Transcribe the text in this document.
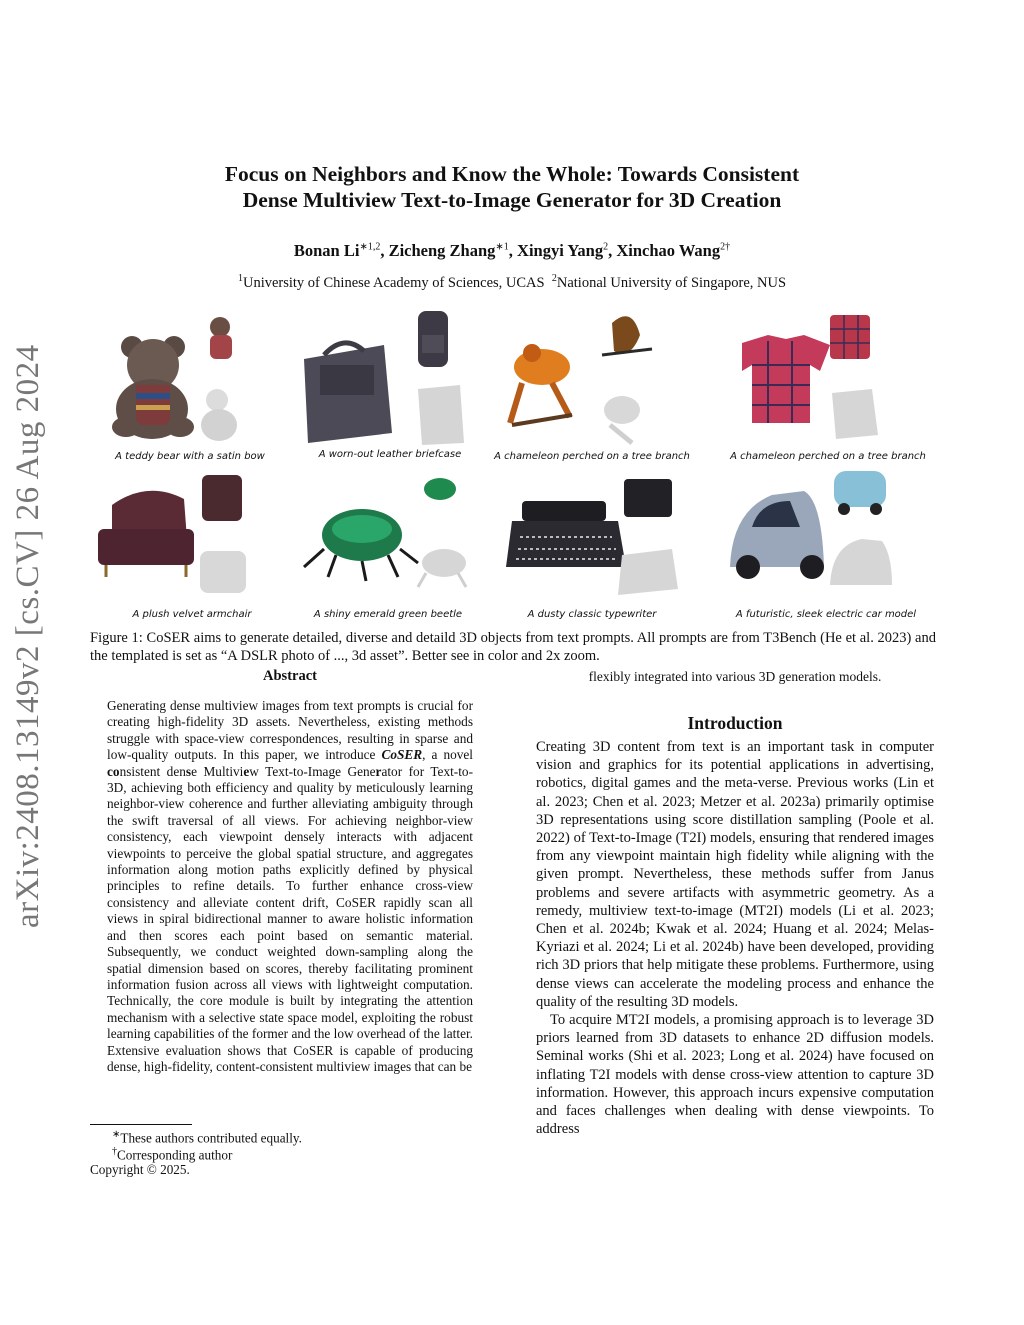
arXiv:2408.13149v2 [cs.CV] 26 Aug 2024
Focus on Neighbors and Know the Whole: Towards Consistent
Dense Multiview Text-to-Image Generator for 3D Creation
Bonan $Li^{∗1,2}$, Zicheng Zhang$^{∗1}$, Xingyi Yang$^2$, Xinchao Wang$^{2\dagger}$
$^1$University of Chinese Academy of Sciences, UCAS $^2$National University of Singapore, NUS
A teddy bear with a satin bow	A worn-out leather briefcase	A chameleon perched on a tree branch	A chameleon perched on a tree branch
A plush velvet armchair	A shiny emerald green beetle	A dusty classic typewriter	A futuristic, sleek electric car model
Figure 1: CoSER aims to generate detailed, diverse and detaild 3D objects from text prompts. All prompts are from T3Bench (He et al. 2023) and the templated is set as “A DSLR photo of ..., 3d asset”. Better see in color and 2x zoom.
Abstract
Generating dense multiview images from text prompts is crucial for creating high-fidelity 3D assets. Nevertheless, existing methods struggle with space-view correspondences, resulting in sparse and low-quality outputs. In this paper, we introduce CoSER, a novel consistent dense Multiview Text-to-Image Generator for Text-to-3D, achieving both efficiency and quality by meticulously learning neighbor-view coherence and further alleviating ambiguity through the swift traversal of all views. For achieving neighbor-view consistency, each viewpoint densely interacts with adjacent viewpoints to perceive the global spatial structure, and aggregates information along motion paths explicitly defined by physical principles to refine details. To further enhance cross-view consistency and alleviate content drift, CoSER rapidly scan all views in spiral bidirectional manner to aware holistic information and then scores each point based on semantic material. Subsequently, we conduct weighted down-sampling along the spatial dimension based on scores, thereby facilitating prominent information fusion across all views with lightweight computation. Technically, the core module is built by integrating the attention mechanism with a selective state space model, exploiting the robust learning capabilities of the former and the low overhead of the latter. Extensive evaluation shows that CoSER is capable of producing dense, high-fidelity, content-consistent multiview images that can be
flexibly integrated into various 3D generation models.
Introduction

Creating 3D content from text is an important task in computer vision and graphics for its potential applications in advertising, robotics, digital games and the meta-verse. Previous works (Lin et al. 2023; Chen et al. 2023; Metzer et al. 2023a) primarily optimise 3D representations using score distillation sampling (Poole et al. 2022) of Text-to-Image (T2I) models, ensuring that rendered images from any viewpoint maintain high fidelity while aligning with the given prompt. Nevertheless, these methods suffer from Janus problems and severe artifacts with asymmetric geometry. As a remedy, multiview text-to-image (MT2I) models (Li et al. 2023; Chen et al. 2024b; Kwak et al. 2024; Huang et al. 2024; Melas-Kyriazi et al. 2024; Li et al. 2024b) have been developed, providing rich 3D priors that help mitigate these problems. Furthermore, using dense views can accelerate the modeling process and enhance the quality of the resulting 3D models.

To acquire MT2I models, a promising approach is to leverage 3D priors learned from 3D datasets to enhance 2D diffusion models. Seminal works (Shi et al. 2023; Long et al. 2024) have focused on inflating T2I models with dense cross-view attention to capture 3D information. However, this approach incurs expensive computation and faces challenges when dealing with dense viewpoints. To address

∗These authors contributed equally.
†Corresponding author
Copyright © 2025.
